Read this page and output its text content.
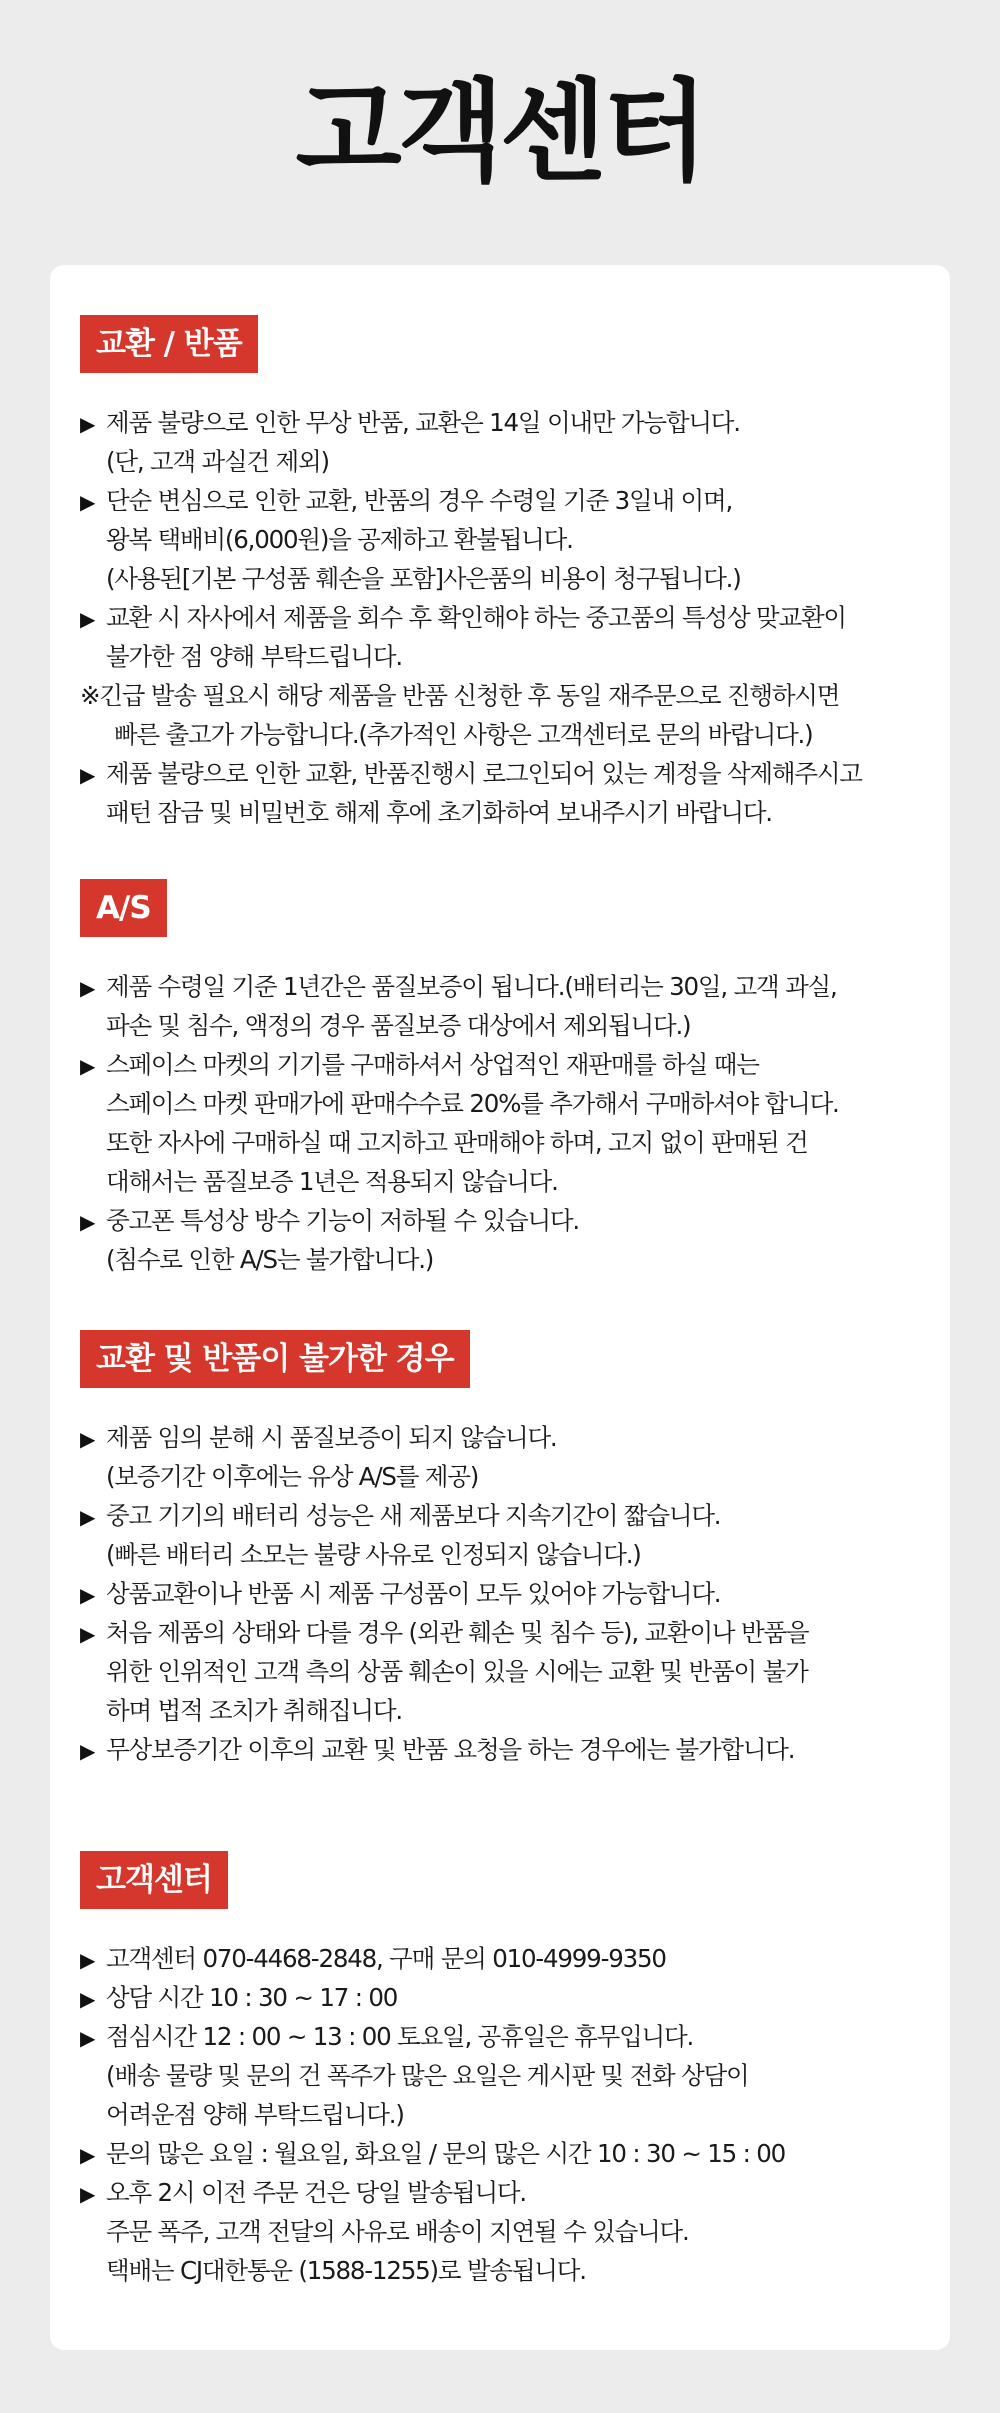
고객센터
교환 / 반품
▶ 제품 불량으로 인한 무상 반품, 교환은 14일 이내만 가능합니다.
(단, 고객 과실건 제외)
▶ 단순 변심으로 인한 교환, 반품의 경우 수령일 기준 3일내 이며,
왕복 택배비(6,000원)을 공제하고 환불됩니다.
(사용된[기본 구성품 훼손을 포함]사은품의 비용이 청구됩니다.)
▶ 교환 시 자사에서 제품을 회수 후 확인해야 하는 중고품의 특성상 맞교환이
불가한 점 양해 부탁드립니다.
※긴급 발송 필요시 해당 제품을 반품 신청한 후 동일 재주문으로 진행하시면
빠른 출고가 가능합니다.(추가적인 사항은 고객센터로 문의 바랍니다.)
▶ 제품 불량으로 인한 교환, 반품진행시 로그인되어 있는 계정을 삭제해주시고
패턴 잠금 및 비밀번호 해제 후에 초기화하여 보내주시기 바랍니다.
A/S
▶ 제품 수령일 기준 1년간은 품질보증이 됩니다.(배터리는 30일, 고객 과실,
파손 및 침수, 액정의 경우 품질보증 대상에서 제외됩니다.)
▶ 스페이스 마켓의 기기를 구매하셔서 상업적인 재판매를 하실 때는
스페이스 마켓 판매가에 판매수수료 20%를 추가해서 구매하셔야 합니다.
또한 자사에 구매하실 때 고지하고 판매해야 하며, 고지 없이 판매된 건
대해서는 품질보증 1년은 적용되지 않습니다.
▶ 중고폰 특성상 방수 기능이 저하될 수 있습니다.
(침수로 인한 A/S는 불가합니다.)
교환 및 반품이 불가한 경우
▶ 제품 임의 분해 시 품질보증이 되지 않습니다.
(보증기간 이후에는 유상 A/S를 제공)
▶ 중고 기기의 배터리 성능은 새 제품보다 지속기간이 짧습니다.
(빠른 배터리 소모는 불량 사유로 인정되지 않습니다.)
▶ 상품교환이나 반품 시 제품 구성품이 모두 있어야 가능합니다.
▶ 처음 제품의 상태와 다를 경우 (외관 훼손 및 침수 등), 교환이나 반품을
위한 인위적인 고객 측의 상품 훼손이 있을 시에는 교환 및 반품이 불가
하며 법적 조치가 취해집니다.
▶ 무상보증기간 이후의 교환 및 반품 요청을 하는 경우에는 불가합니다.
고객센터
▶ 고객센터 070-4468-2848, 구매 문의 010-4999-9350
▶ 상담 시간 10 : 30 ~ 17 : 00
▶ 점심시간 12 : 00 ~ 13 : 00 토요일, 공휴일은 휴무입니다.
(배송 물량 및 문의 건 폭주가 많은 요일은 게시판 및 전화 상담이
어려운점 양해 부탁드립니다.)
▶ 문의 많은 요일 : 월요일, 화요일 / 문의 많은 시간 10 : 30 ~ 15 : 00
▶ 오후 2시 이전 주문 건은 당일 발송됩니다.
주문 폭주, 고객 전달의 사유로 배송이 지연될 수 있습니다.
택배는 CJ대한통운 (1588-1255)로 발송됩니다.
